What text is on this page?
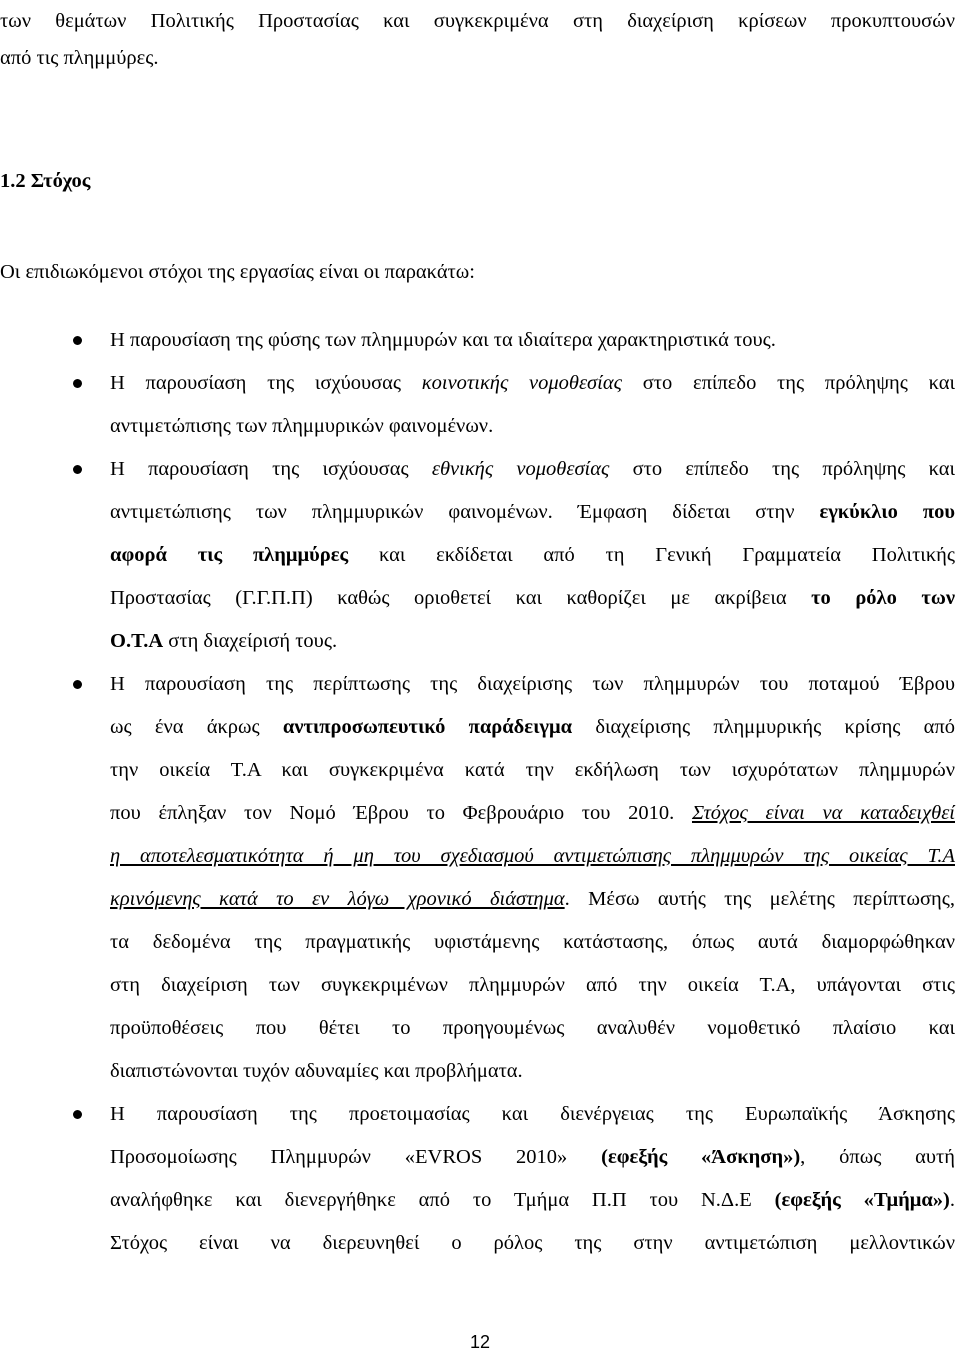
των θεμάτων Πολιτικής Προστασίας και συγκεκριμένα στη διαχείριση κρίσεων προκυπτουσών

από τις πλημμύρες.

1.2 Στόχος

Οι επιδιωκόμενοι στόχοι της εργασίας είναι οι παρακάτω:

Η παρουσίαση της φύσης των πλημμυρών και τα ιδιαίτερα χαρακτηριστικά τους.
Η παρουσίαση της ισχύουσας κοινοτικής νομοθεσίας στο επίπεδο της πρόληψης και
αντιμετώπισης των πλημμυρικών φαινομένων.
Η παρουσίαση της ισχύουσας εθνικής νομοθεσίας στο επίπεδο της πρόληψης και
αντιμετώπισης των πλημμυρικών φαινομένων. Έμφαση δίδεται στην εγκύκλιο που
αφορά τις πλημμύρες και εκδίδεται από τη Γενική Γραμματεία Πολιτικής
Προστασίας (Γ.Γ.Π.Π) καθώς οριοθετεί και καθορίζει με ακρίβεια το ρόλο των
Ο.Τ.Α στη διαχείρισή τους.
Η παρουσίαση της περίπτωσης της διαχείρισης των πλημμυρών του ποταμού Έβρου
ως ένα άκρως αντιπροσωπευτικό παράδειγμα διαχείρισης πλημμυρικής κρίσης από
την οικεία Τ.Α και συγκεκριμένα κατά την εκδήλωση των ισχυρότατων πλημμυρών
που έπληξαν τον Νομό Έβρου το Φεβρουάριο του 2010. Στόχος είναι να καταδειχθεί
η αποτελεσματικότητα ή μη του σχεδιασμού αντιμετώπισης πλημμυρών της οικείας Τ.Α
κρινόμενης κατά το εν λόγω χρονικό διάστημα. Μέσω αυτής της μελέτης περίπτωσης,
τα δεδομένα της πραγματικής υφιστάμενης κατάστασης, όπως αυτά διαμορφώθηκαν
στη διαχείριση των συγκεκριμένων πλημμυρών από την οικεία Τ.Α, υπάγονται στις
προϋποθέσεις που θέτει το προηγουμένως αναλυθέν νομοθετικό πλαίσιο και
διαπιστώνονται τυχόν αδυναμίες και προβλήματα.
Η παρουσίαση της προετοιμασίας και διενέργειας της Ευρωπαϊκής Άσκησης
Προσομοίωσης Πλημμυρών «EVROS 2010» (εφεξής «Άσκηση»), όπως αυτή
αναλήφθηκε και διενεργήθηκε από το Τμήμα Π.Π του Ν.Δ.Ε (εφεξής «Τμήμα»).
Στόχος είναι να διερευνηθεί ο ρόλος της στην αντιμετώπιση μελλοντικών
12
